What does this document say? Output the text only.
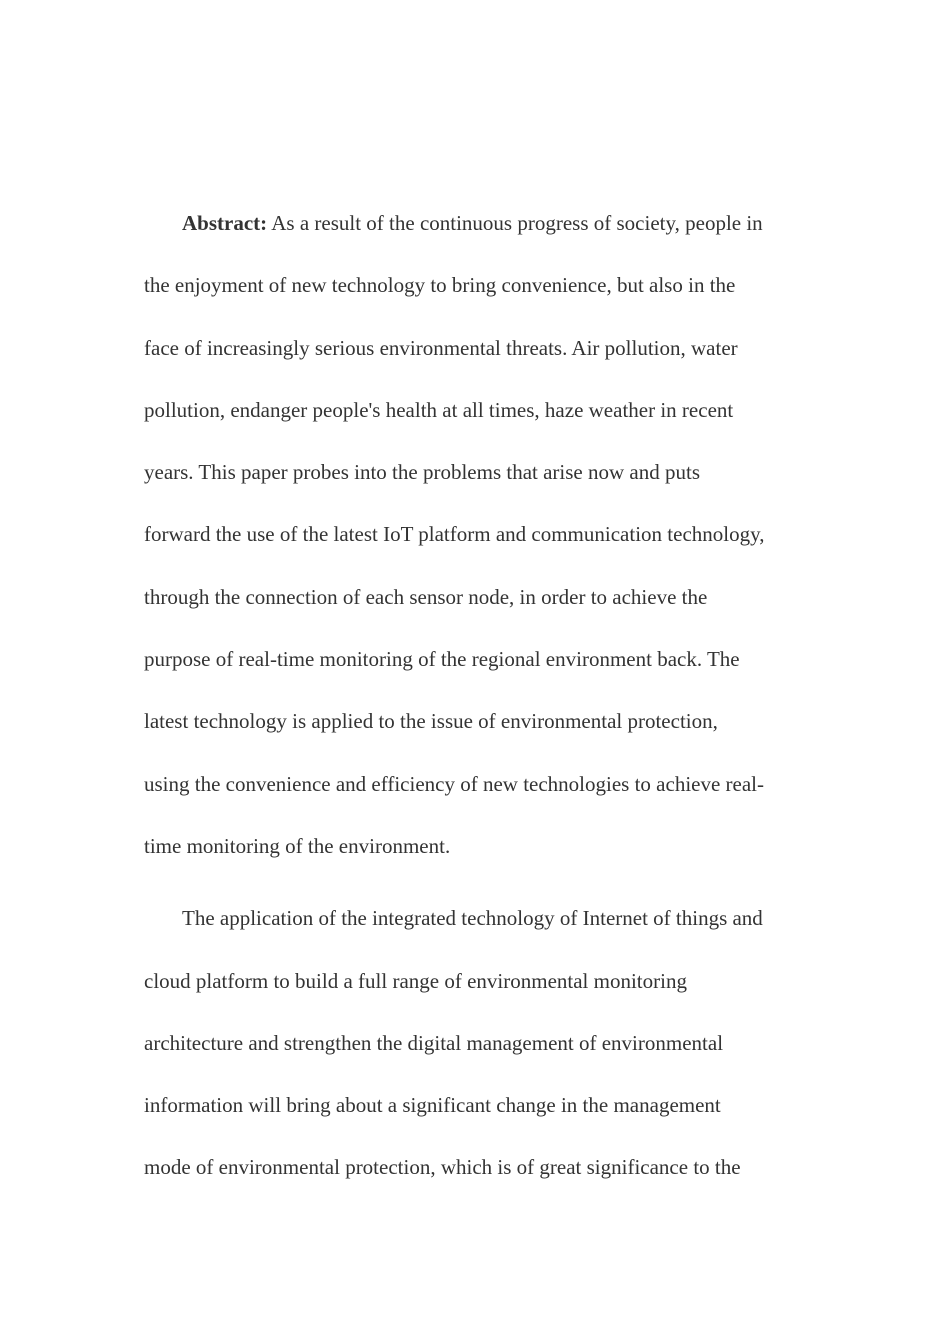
Abstract: As a result of the continuous progress of society, people in
the enjoyment of new technology to bring convenience, but also in the
face of increasingly serious environmental threats. Air pollution, water
pollution, endanger people's health at all times, haze weather in recent
years. This paper probes into the problems that arise now and puts
forward the use of the latest IoT platform and communication technology,
through the connection of each sensor node, in order to achieve the
purpose of real-time monitoring of the regional environment back. The
latest technology is applied to the issue of environmental protection,
using the convenience and efficiency of new technologies to achieve real-
time monitoring of the environment.

The application of the integrated technology of Internet of things and
cloud platform to build a full range of environmental monitoring
architecture and strengthen the digital management of environmental
information will bring about a significant change in the management
mode of environmental protection, which is of great significance to the
